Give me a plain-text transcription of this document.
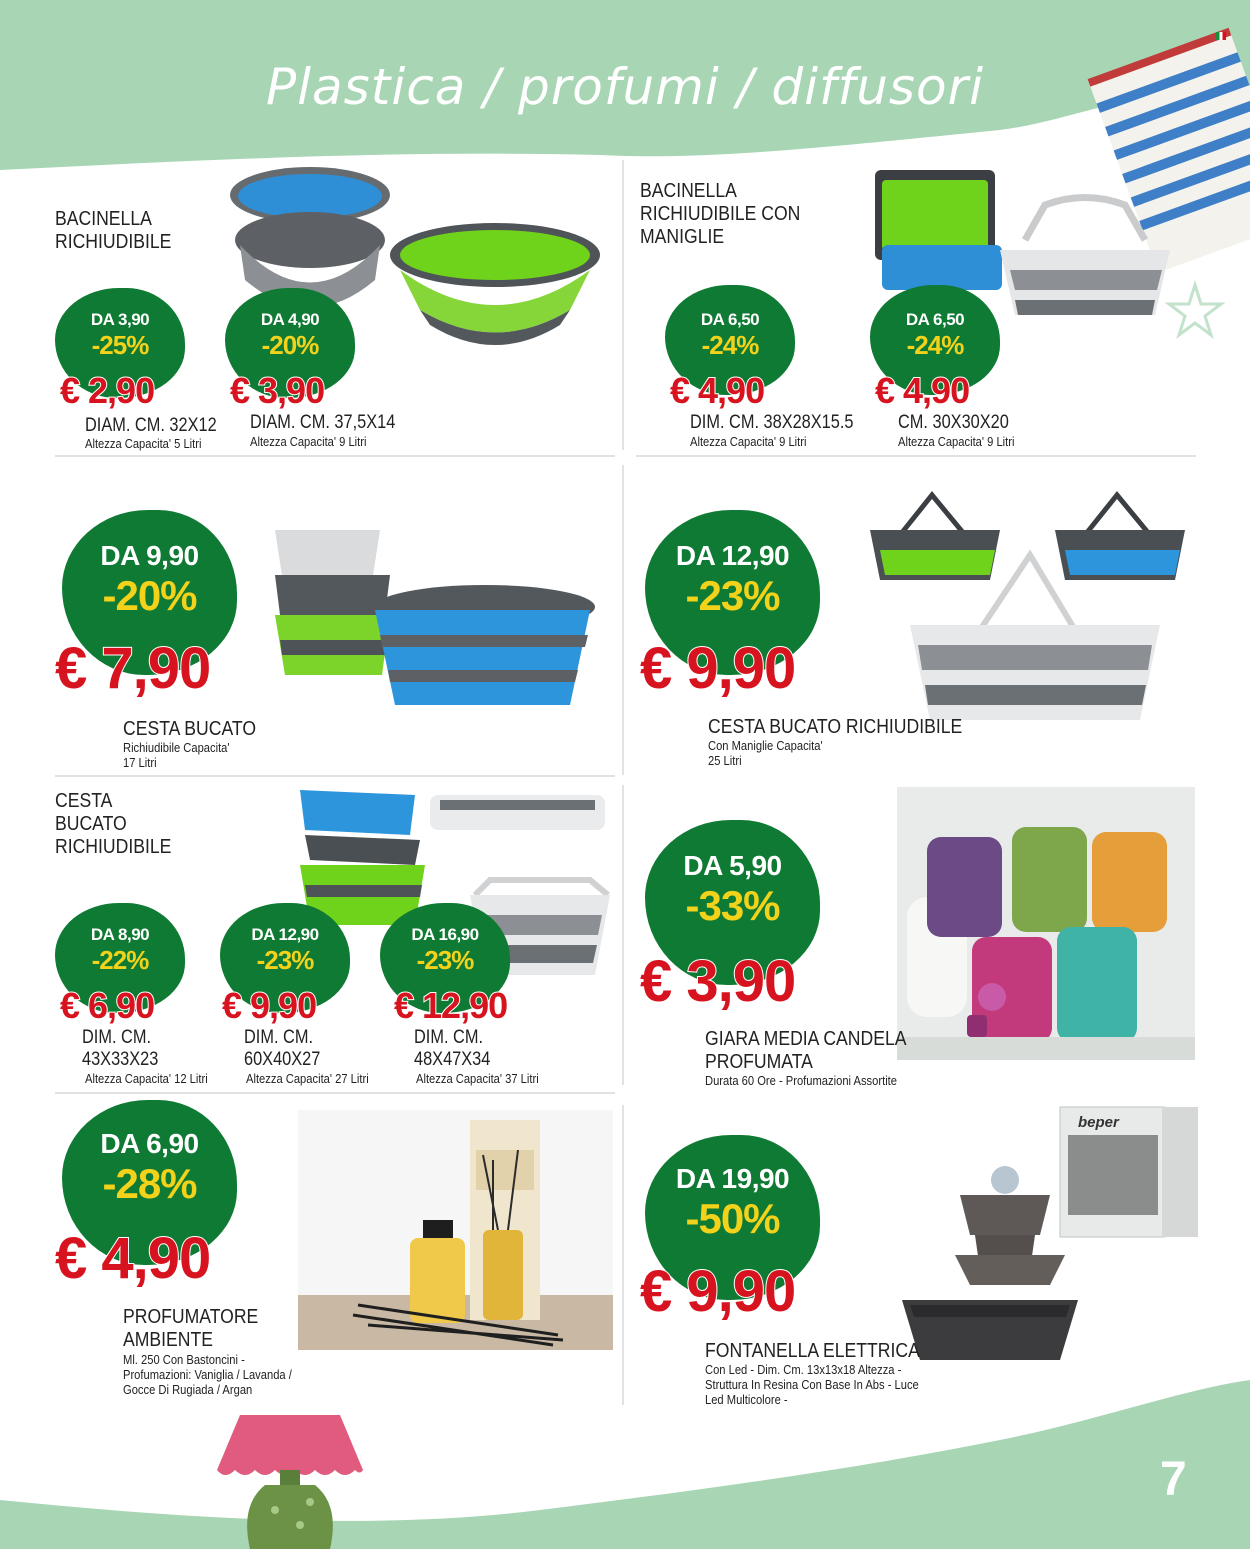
Plastica / profumi / diffusori
BACINELLA RICHIUDIBILE
DA 3,90
-25%
€ 2,90
DIAM. CM. 32X12
Altezza Capacita' 5 Litri
DA 4,90
-20%
€ 3,90
DIAM. CM. 37,5X14
Altezza Capacita' 9 Litri
BACINELLA RICHIUDIBILE CON MANIGLIE
DA 6,50
-24%
€ 4,90
DIM. CM. 38X28X15.5
Altezza Capacita' 9 Litri
DA 6,50
-24%
€ 4,90
CM. 30X30X20
Altezza Capacita' 9 Litri
DA 9,90
-20%
€ 7,90
CESTA BUCATO
Richiudibile Capacita'
17 Litri
DA 12,90
-23%
€ 9,90
CESTA BUCATO RICHIUDIBILE
Con Maniglie Capacita'
25 Litri
CESTA BUCATO RICHIUDIBILE
DA 8,90
-22%
€ 6,90
DIM. CM.
43X33X23
Altezza Capacita' 12 Litri
DA 12,90
-23%
€ 9,90
DIM. CM.
60X40X27
Altezza Capacita' 27 Litri
DA 16,90
-23%
€ 12,90
DIM. CM.
48X47X34
Altezza Capacita' 37 Litri
DA 5,90
-33%
€ 3,90
GIARA MEDIA CANDELA
PROFUMATA
Durata 60 Ore - Profumazioni Assortite
DA 6,90
-28%
€ 4,90
PROFUMATORE
AMBIENTE
Ml. 250 Con Bastoncini -
Profumazioni: Vaniglia / Lavanda /
Gocce Di Rugiada / Argan
DA 19,90
-50%
€ 9,90
beper
FONTANELLA ELETTRICA
Con Led - Dim. Cm. 13x13x18 Altezza -
Struttura In Resina Con Base In Abs - Luce
Led Multicolore -
7
